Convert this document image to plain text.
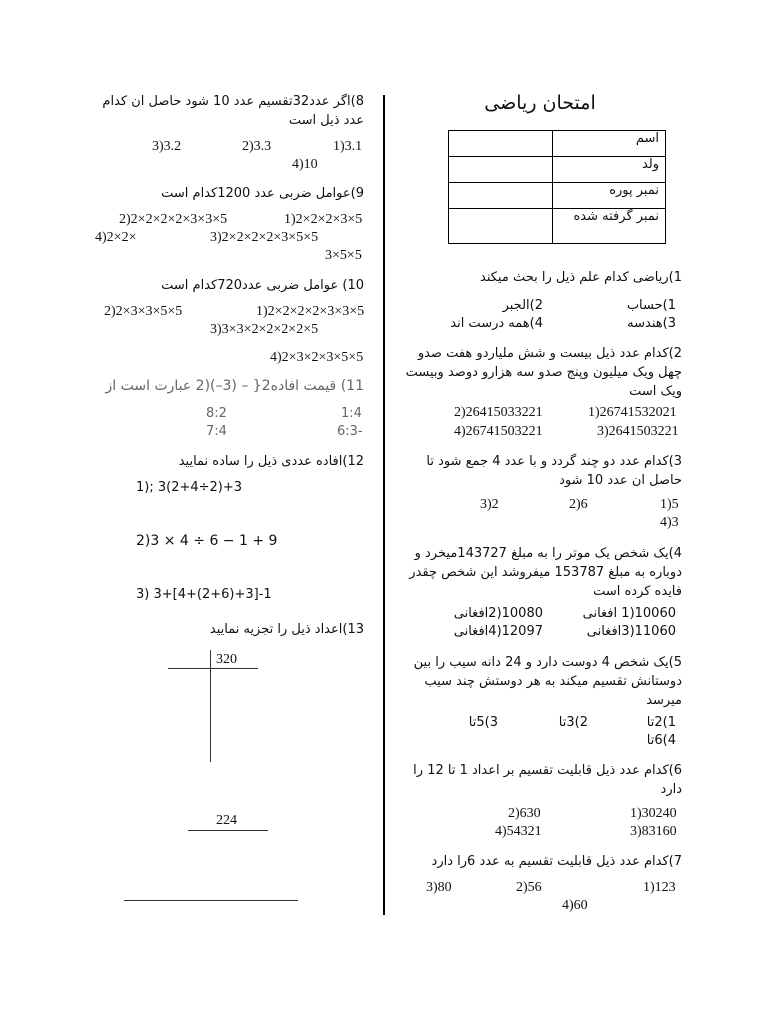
امتحان ریاضی
	اسم
	ولد
	نمبر پوره
	نمبر گرفته شده
1)ریاضی کدام علم ذیل را بحث میکند
1)حساب
2)الجبر
3)هندسه
4)همه درست اند
2)کدام عدد ذیل بیست و شش ملیاردو هفت صدو چهل ویک میلیون وپنج صدو سه هزارو دوصد وبیست ویک است
26741532021(1
26415033221(2
2641503221(3
26741503221(4
3)کدام عدد دو چند گردد و با عدد 4 جمع شود تا حاصل ان عدد 10 شود
5(1
6(2
2(3
3(4
4)یک شخص یک موتر را به مبلغ 143727میخرد و دوباره به مبلغ 153787 میفروشد این شخص چقدر فایده کرده است
10060(1 افغانی
10080(2افغانی
11060(3افغانی
12097(4افغانی
5)یک شخص 4 دوست دارد و 24 دانه سیب را بین دوستانش تقسیم میکند به هر دوستش چند سیب میرسد
1)2تا
2)3تا
3)5تا
4)6تا
6)کدام عدد ذیل قابلیت تقسیم بر اعداد 1 تا 12 را دارد
30240(1
630(2
83160(3
54321(4
7)کدام عدد ذیل قابلیت تقسیم به عدد 6را دارد
123(1
56(2
80(3
60(4
8)اگر عدد32تقسیم عدد 10 شود حاصل ان کدام عدد ذیل است
3.1(1
3.3(2
3.2(3
10(4
9)عوامل ضربی عدد 1200کدام است
5×3×2×2×2(1
5×3×3×2×2×2×2(2
5×5×3×2×2×2×2(3
×2×2(4
5×5×3
10) عوامل ضربی عدد720کدام است
5×3×3×2×2×2×2(1
5×5×3×3×2(2
5×2×2×2×2×3×3(3
5×5×3×2×3×2(4
11) قیمت افاده2{ – (3–)(2 عبارت است از
1:4
8:2
-6:3
7:4
12)افاده عددی ذیل را ساده نمایید
1); 3(2+4÷2)+3
2)3 × 4 ÷ 6 − 1 + 9
3) 3+[4+(2+6)+3]-1
13)اعداد ذیل را تجزیه نمایید
320
224
